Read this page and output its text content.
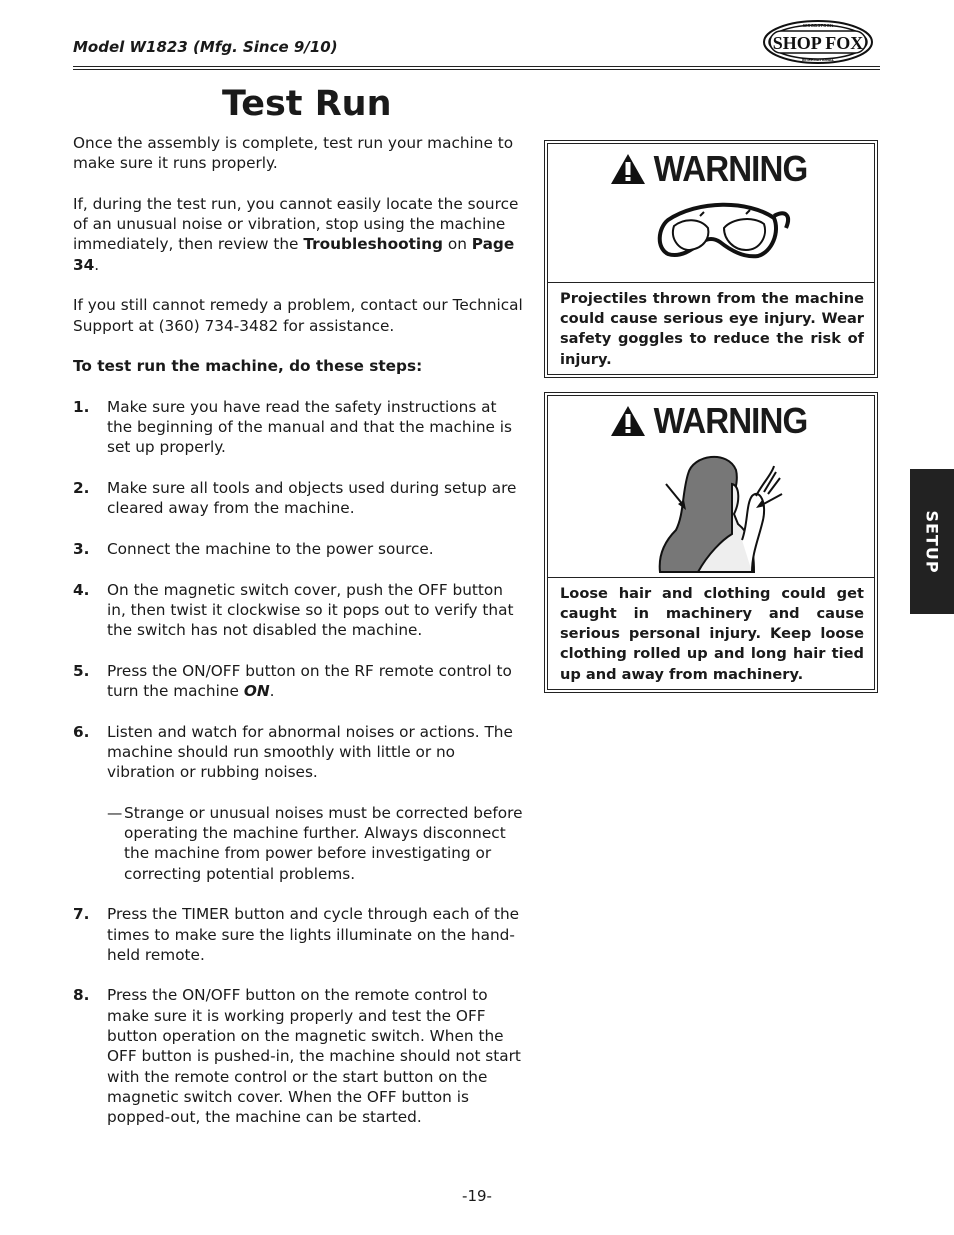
Model W1823 (Mfg. Since 9/10)	SHOP FOX
WOODSTOCK
INTERNATIONAL
Test Run

Once the assembly is complete, test run your machine to make sure it runs properly.

If, during the test run, you cannot easily locate the source of an unusual noise or vibration, stop using the machine immediately, then review the Troubleshooting on Page 34.

If you still cannot remedy a problem, contact our Technical Support at (360) 734-3482 for assistance.

To test run the machine, do these steps:

1. Make sure you have read the safety instructions at the beginning of the manual and that the machine is set up properly.
2. Make sure all tools and objects used during setup are cleared away from the machine.
3. Connect the machine to the power source.
4. On the magnetic switch cover, push the OFF button in, then twist it clockwise so it pops out to verify that the switch has not disabled the machine.
5. Press the ON/OFF button on the RF remote control to turn the machine ON.
6. Listen and watch for abnormal noises or actions. The machine should run smoothly with little or no vibration or rubbing noises.
— Strange or unusual noises must be corrected before operating the machine further. Always disconnect the machine from power before investigating or correcting potential problems.
7. Press the TIMER button and cycle through each of the times to make sure the lights illuminate on the hand-held remote.
8. Press the ON/OFF button on the remote control to make sure it is working properly and test the OFF button operation on the magnetic switch. When the OFF button is pushed-in, the machine should not start with the remote control or the start button on the magnetic switch cover. When the OFF button is popped-out, the machine can be started.
WARNING
Projectiles thrown from the machine could cause serious eye injury. Wear safety goggles to reduce the risk of injury.
WARNING
Loose hair and clothing could get caught in machinery and cause serious personal injury. Keep loose clothing rolled up and long hair tied up and away from machinery.
SETUP
-19-
